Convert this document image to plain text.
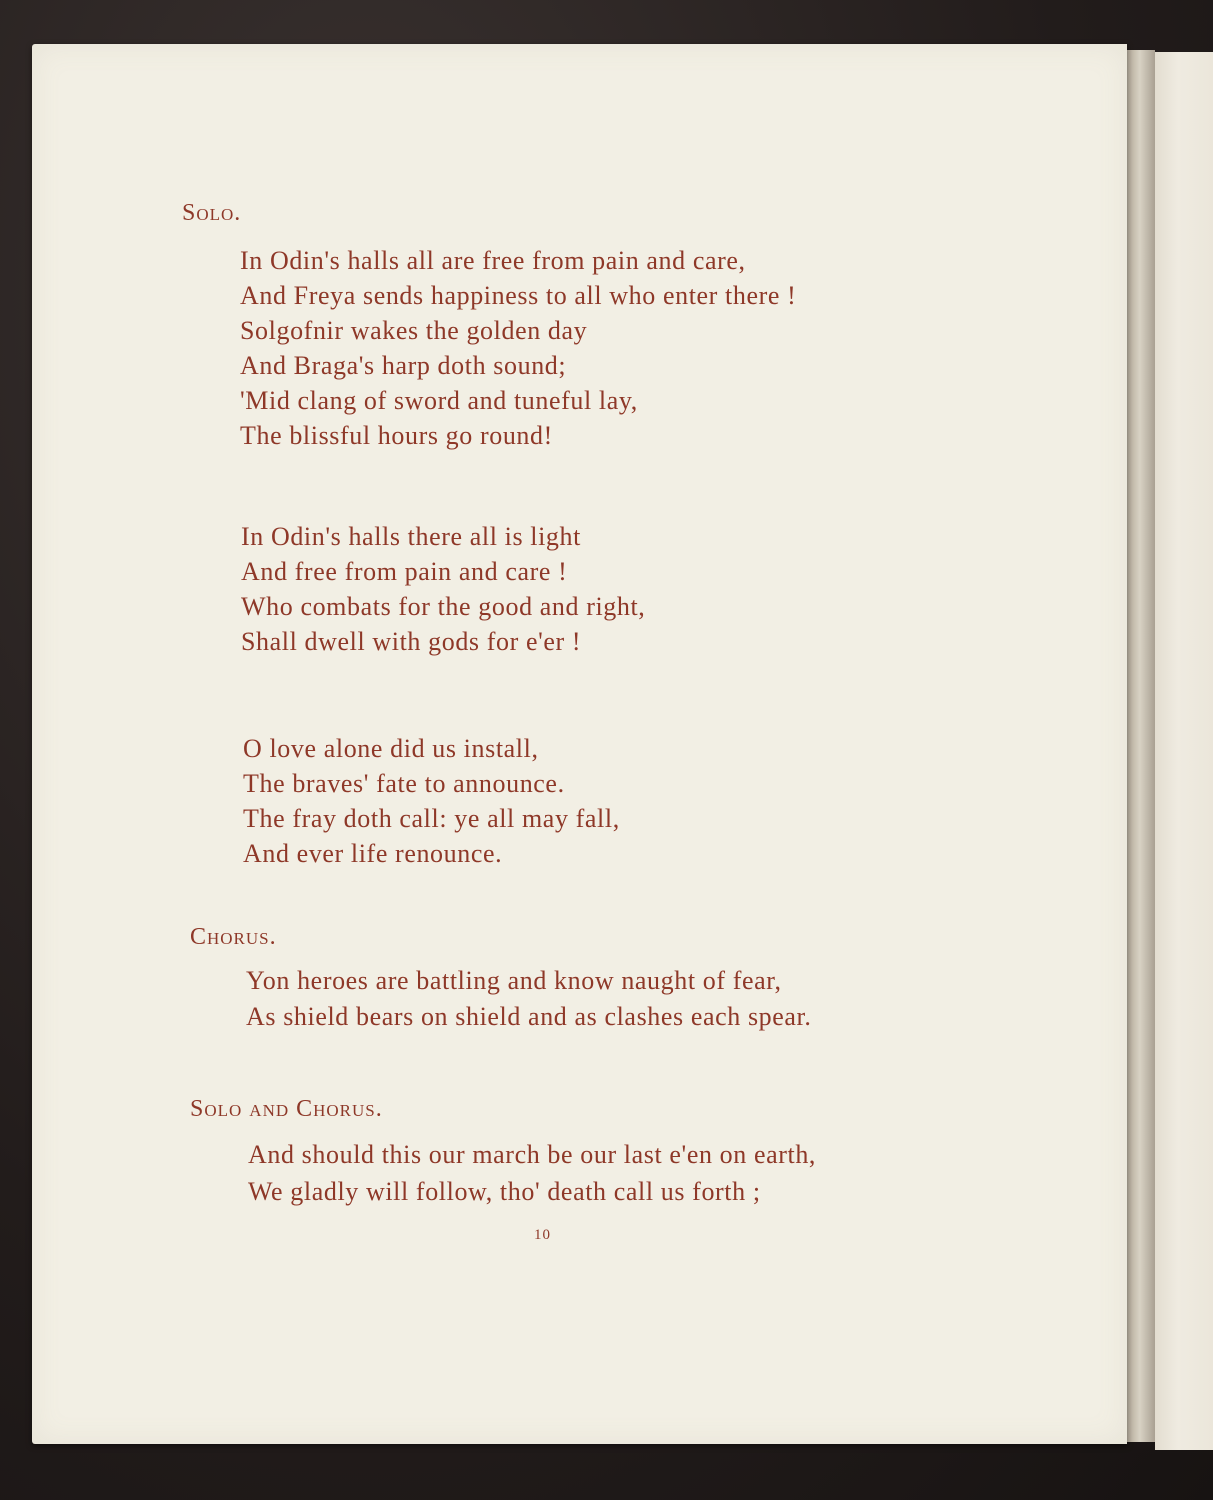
Solo.
In Odin's halls all are free from pain and care,
And Freya sends happiness to all who enter there !
Solgofnir wakes the golden day
And Braga's harp doth sound;
'Mid clang of sword and tuneful lay,
The blissful hours go round!
In Odin's halls there all is light
And free from pain and care !
Who combats for the good and right,
Shall dwell with gods for e'er !
O love alone did us install,
The braves' fate to announce.
The fray doth call: ye all may fall,
And ever life renounce.
Chorus.
Yon heroes are battling and know naught of fear,
As shield bears on shield and as clashes each spear.
Solo and Chorus.
And should this our march be our last e'en on earth,
We gladly will follow, tho' death call us forth ;
10
